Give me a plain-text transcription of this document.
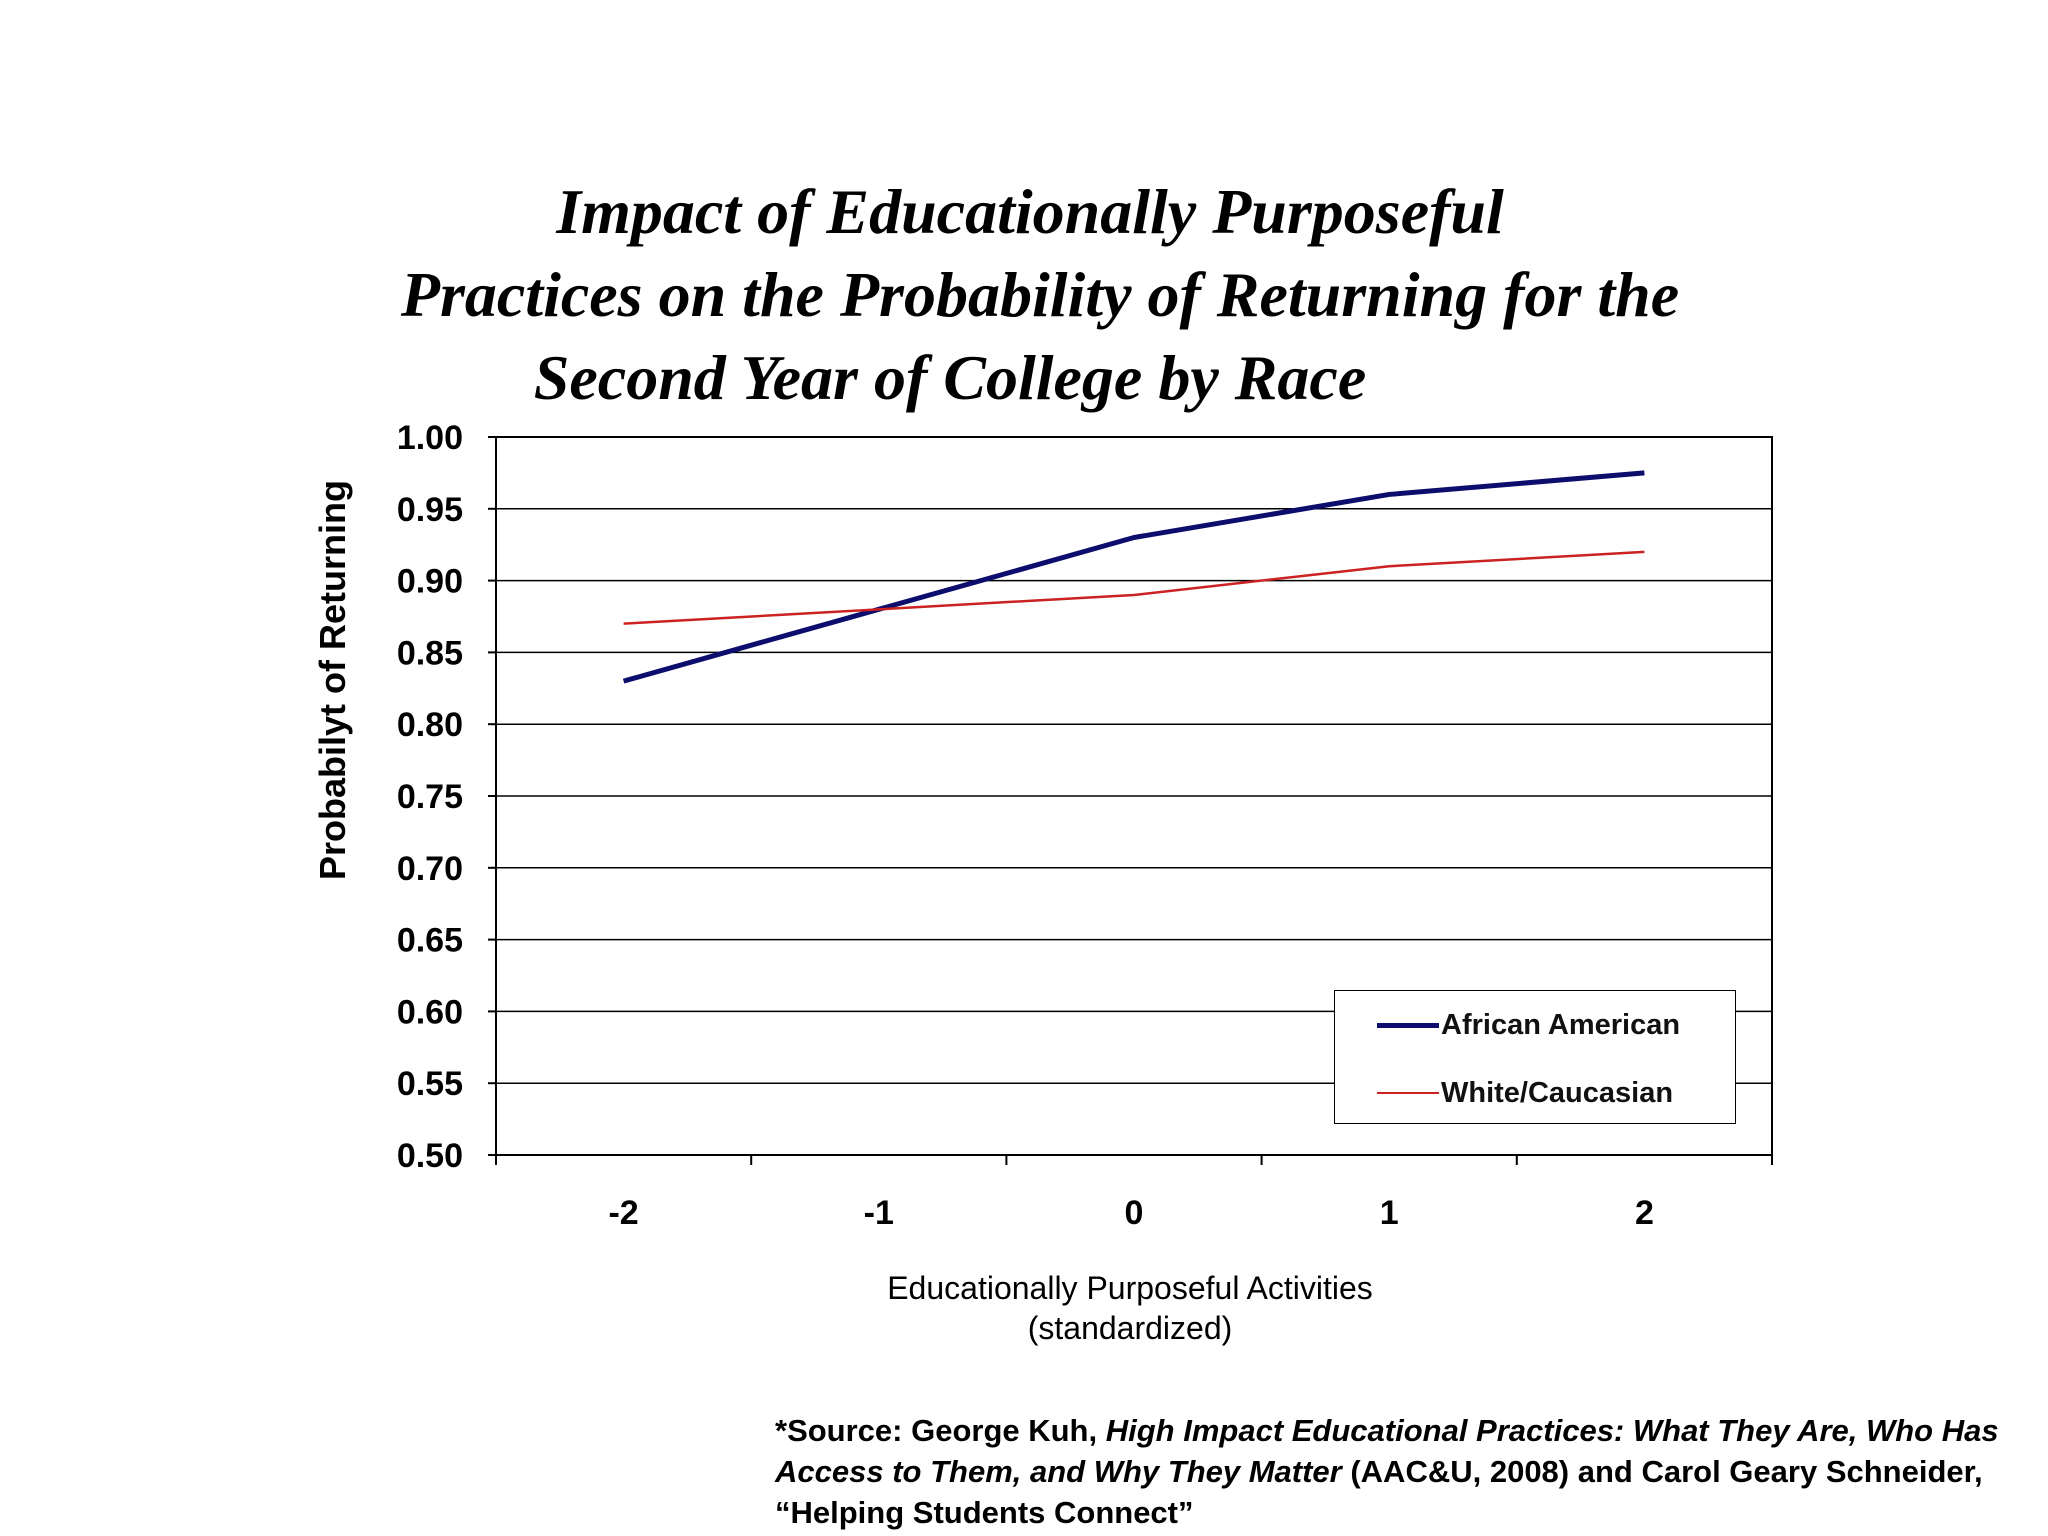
Impact of Educationally Purposeful
Practices on the Probability of Returning for the
Second Year of College by Race
0.50
0.55
0.60
0.65
0.70
0.75
0.80
0.85
0.90
0.95
1.00
-2	-1	0	1	2
Probabilyt of Returning
Educationally Purposeful Activities
(standardized)
African American
White/Caucasian
*Source: George Kuh, High Impact Educational Practices: What They Are, Who Has Access to Them, and Why They Matter (AAC&U, 2008) and Carol Geary Schneider, “Helping Students Connect”
